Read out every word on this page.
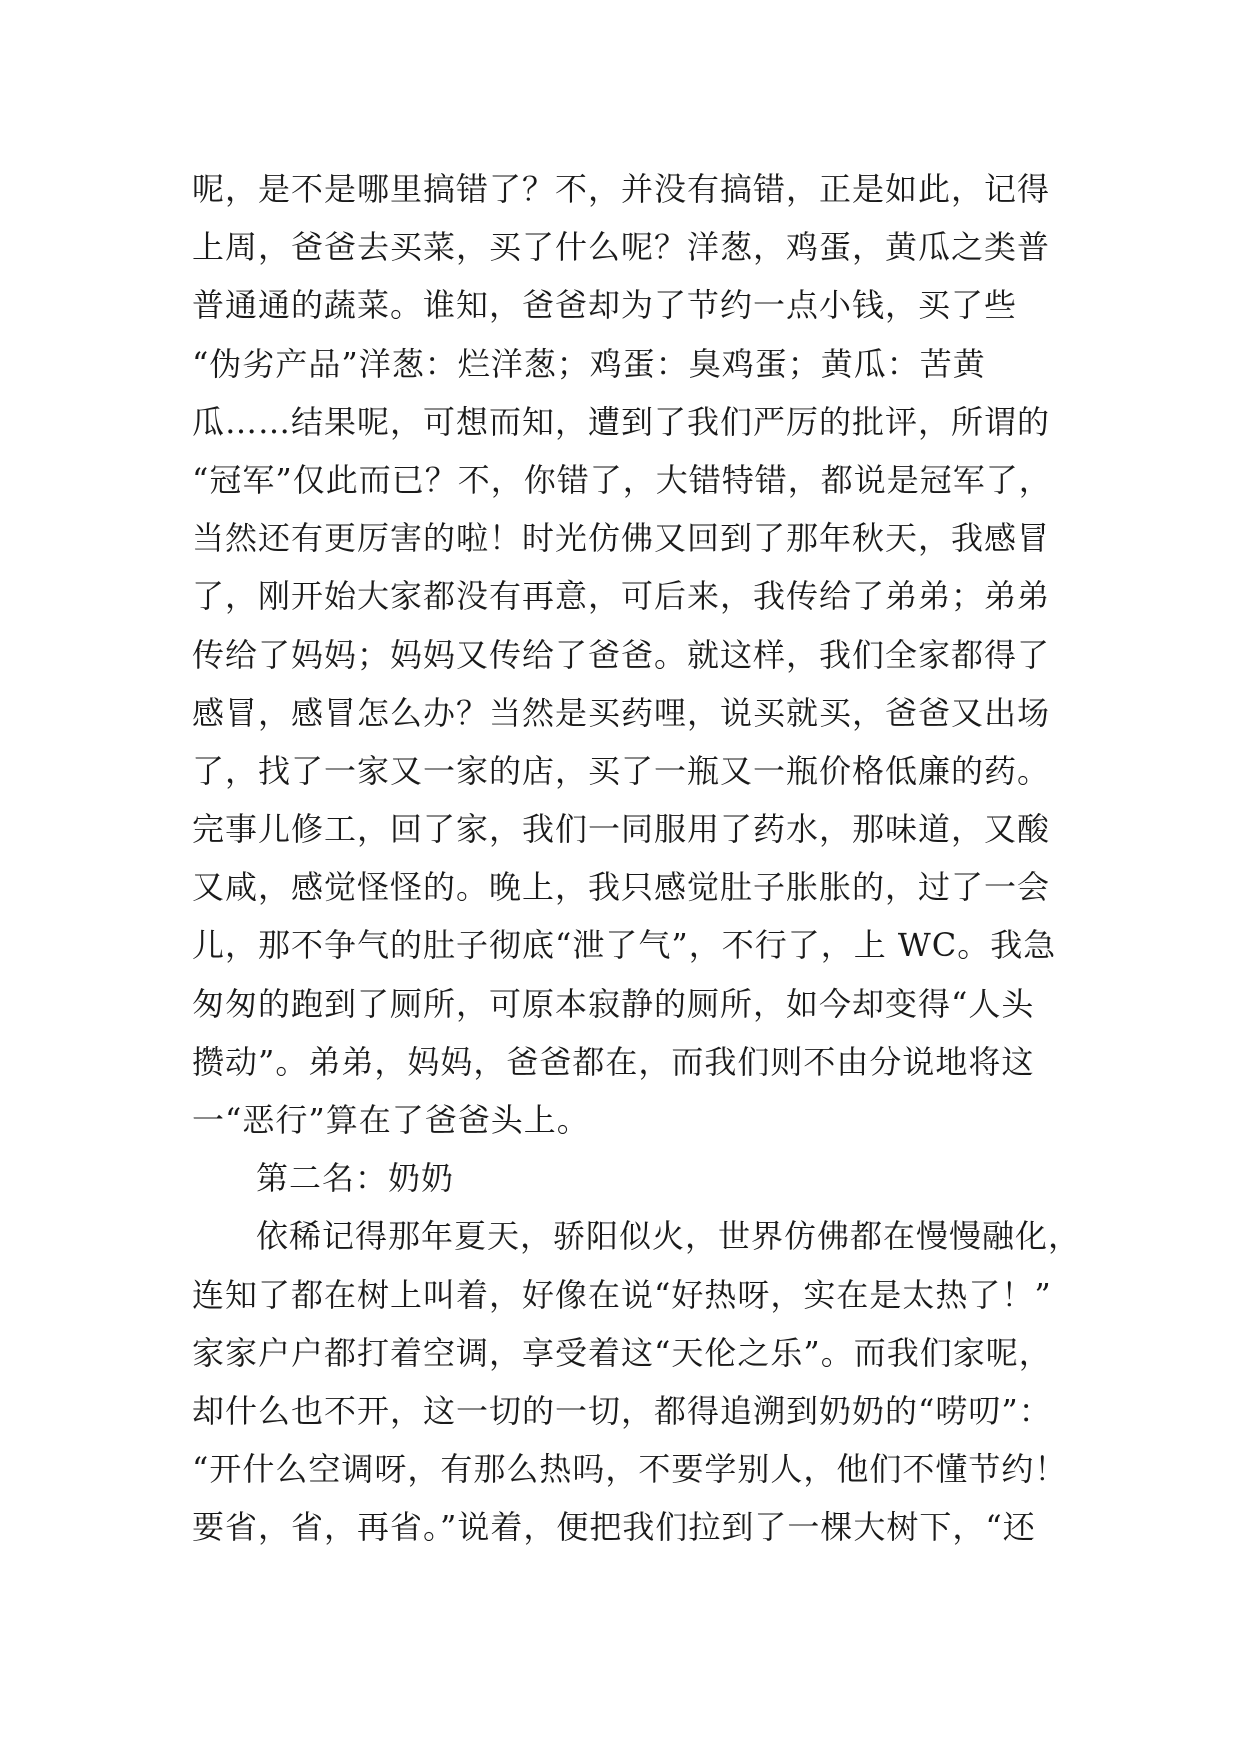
呢，是不是哪里搞错了？不，并没有搞错，正是如此，记得
上周，爸爸去买菜，买了什么呢？洋葱，鸡蛋，黄瓜之类普
普通通的蔬菜。谁知，爸爸却为了节约一点小钱，买了些
“伪劣产品”洋葱：烂洋葱；鸡蛋：臭鸡蛋；黄瓜：苦黄
瓜……结果呢，可想而知，遭到了我们严厉的批评，所谓的
“冠军”仅此而已？不，你错了，大错特错，都说是冠军了，
当然还有更厉害的啦！时光仿佛又回到了那年秋天，我感冒
了，刚开始大家都没有再意，可后来，我传给了弟弟；弟弟
传给了妈妈；妈妈又传给了爸爸。就这样，我们全家都得了
感冒，感冒怎么办？当然是买药哩，说买就买，爸爸又出场
了，找了一家又一家的店，买了一瓶又一瓶价格低廉的药。
完事儿修工，回了家，我们一同服用了药水，那味道，又酸
又咸，感觉怪怪的。晚上，我只感觉肚子胀胀的，过了一会
儿，那不争气的肚子彻底“泄了气”，不行了，上 WC。我急
匆匆的跑到了厕所，可原本寂静的厕所，如今却变得“人头
攒动”。弟弟，妈妈，爸爸都在，而我们则不由分说地将这
一“恶行”算在了爸爸头上。
第二名：奶奶
依稀记得那年夏天，骄阳似火，世界仿佛都在慢慢融化，
连知了都在树上叫着，好像在说“好热呀，实在是太热了！”
家家户户都打着空调，享受着这“天伦之乐”。而我们家呢，
却什么也不开，这一切的一切，都得追溯到奶奶的“唠叨”：
“开什么空调呀，有那么热吗，不要学别人，他们不懂节约！
要省，省，再省。”说着，便把我们拉到了一棵大树下，“还
